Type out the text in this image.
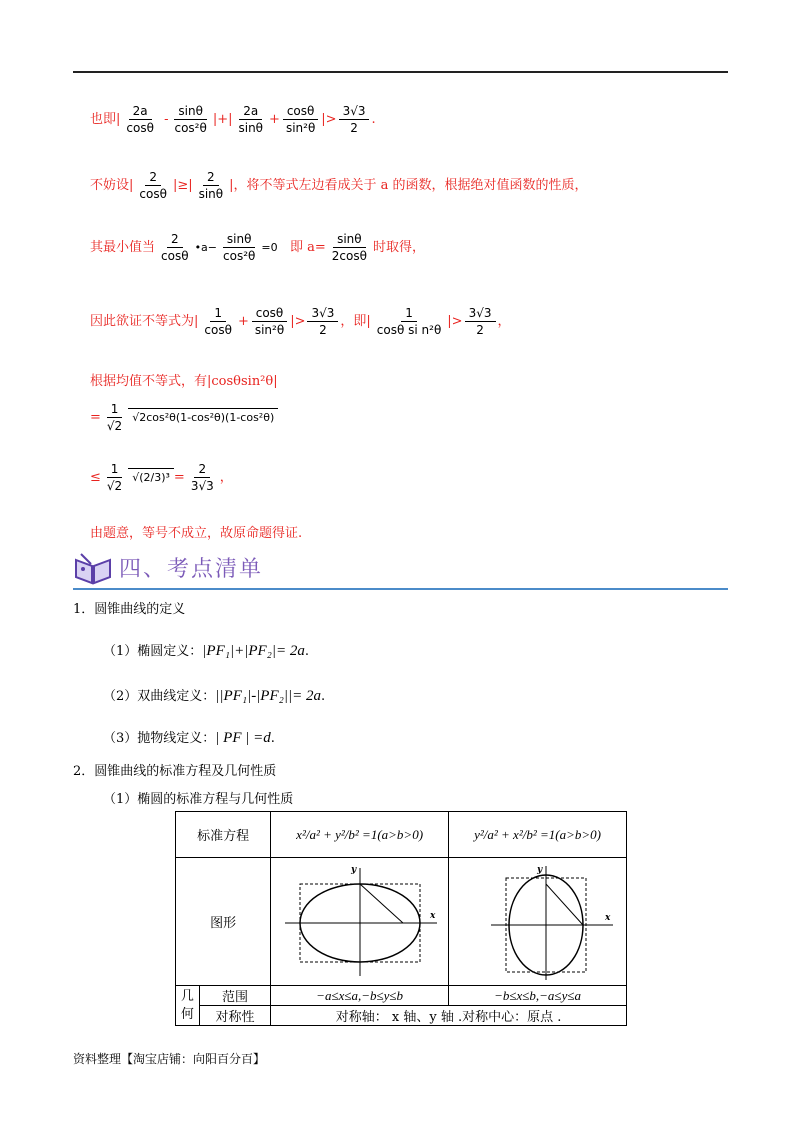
也即| $\frac{2a}{\cos\theta} - \frac{\sin\theta}{\text{cos²θ}}$ |+| $\frac{2a}{\sin\theta} + \frac{\cos\theta}{\text{sin²θ}}$ |> $\frac{3√3}{2}$ .
不妨设| $\frac{2}{\cos\theta}$ |≥| $\frac{2}{\sin\theta}$ |，将不等式左边看成关于 a 的函数，根据绝对值函数的性质，
其最小值当 $\frac{2}{\cos\theta}$ •a− $\frac{\sin\theta}{\text{cos²θ}} =0$ 即 $a= \frac{\sin\theta}{2\cos\theta}$ 时取得，
因此欲证不等式为| $\frac{1}{\cos\theta} + \frac{\cos\theta}{\text{sin²θ}}$ |> $\frac{3√3}{2}$ ，即| $\frac{1}{\text{cosθ si n²θ}}$ |> $\frac{3√3}{2}$ ，
根据均值不等式，有|cosθsin²θ|
= $\frac{1}{√2} √2\cos^2\theta(1-\cos^2\theta)(1-\cos^2\theta)$
≤ $\frac{1}{√2} √(2/3)^3 = \frac{2}{3√3}$ ，
由题意，等号不成立，故原命题得证.
四、考点清单
1．圆锥曲线的定义
（1）椭圆定义：|PF₁|+|PF₂|= 2a.
（2）双曲线定义：||PF₁|-|PF₂||= 2a.
（3）抛物线定义：| PF | =d.
2．圆锥曲线的标准方程及几何性质
（1）椭圆的标准方程与几何性质
标准方程		x²/a² + y²/b² =1(a>b>0)	y²/a² + x²/b² =1(a>b>0)
图形		x
y	x
y

几
何	范围	−a≤x≤a,−b≤y≤b	−b≤x≤b,−a≤y≤a
	对称性	对称轴： x 轴、y 轴 .对称中心：原点 .	
资料整理【淘宝店铺：向阳百分百】
